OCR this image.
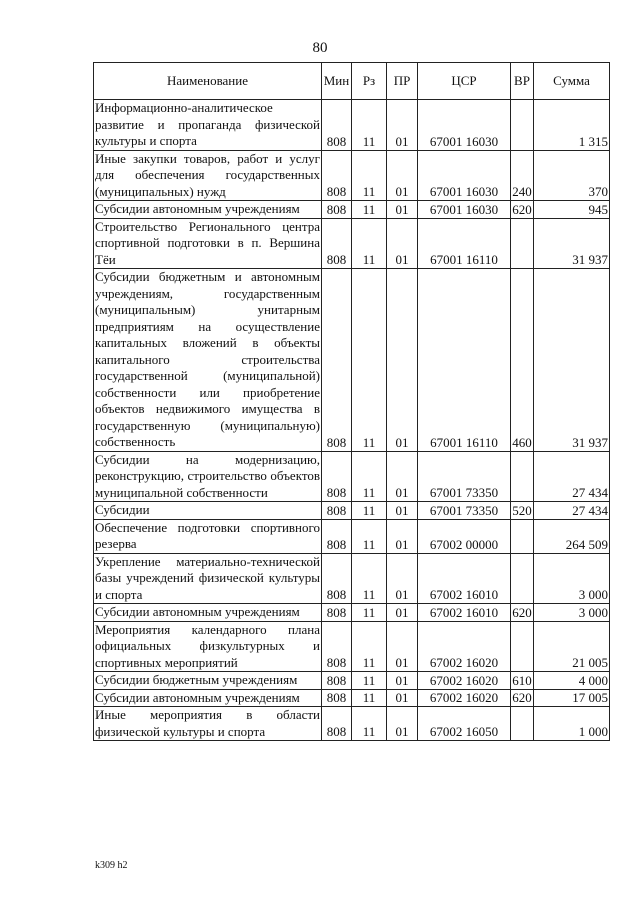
80
Наименование	Мин	Рз	ПР	ЦСР	ВР	Сумма
Информационно-аналитическое развитие и пропаганда физической культуры и спорта	808	11	01	67001 16030		1 315
Иные закупки товаров, работ и услуг для обеспечения государственных (муниципальных) нужд	808	11	01	67001 16030	240	370
Субсидии автономным учреждениям	808	11	01	67001 16030	620	945
Строительство Регионального центра спортивной подготовки в п. Вершина Тёи	808	11	01	67001 16110		31 937
Субсидии бюджетным и автономным учреждениям, государственным (муниципальным) унитарным предприятиям на осуществление капитальных вложений в объекты капитального строительства государственной (муниципальной) собственности или приобретение объектов недвижимого имущества в государственную (муниципальную) собственность	808	11	01	67001 16110	460	31 937
Субсидии на модернизацию, реконструкцию, строительство объектов муниципальной собственности	808	11	01	67001 73350		27 434
Субсидии	808	11	01	67001 73350	520	27 434
Обеспечение подготовки спортивного резерва	808	11	01	67002 00000		264 509
Укрепление материально-технической базы учреждений физической культуры и спорта	808	11	01	67002 16010		3 000
Субсидии автономным учреждениям	808	11	01	67002 16010	620	3 000
Мероприятия календарного плана официальных физкультурных и спортивных мероприятий	808	11	01	67002 16020		21 005
Субсидии бюджетным учреждениям	808	11	01	67002 16020	610	4 000
Субсидии автономным учреждениям	808	11	01	67002 16020	620	17 005
Иные мероприятия в области физической культуры и спорта	808	11	01	67002 16050		1 000
k309 h2
